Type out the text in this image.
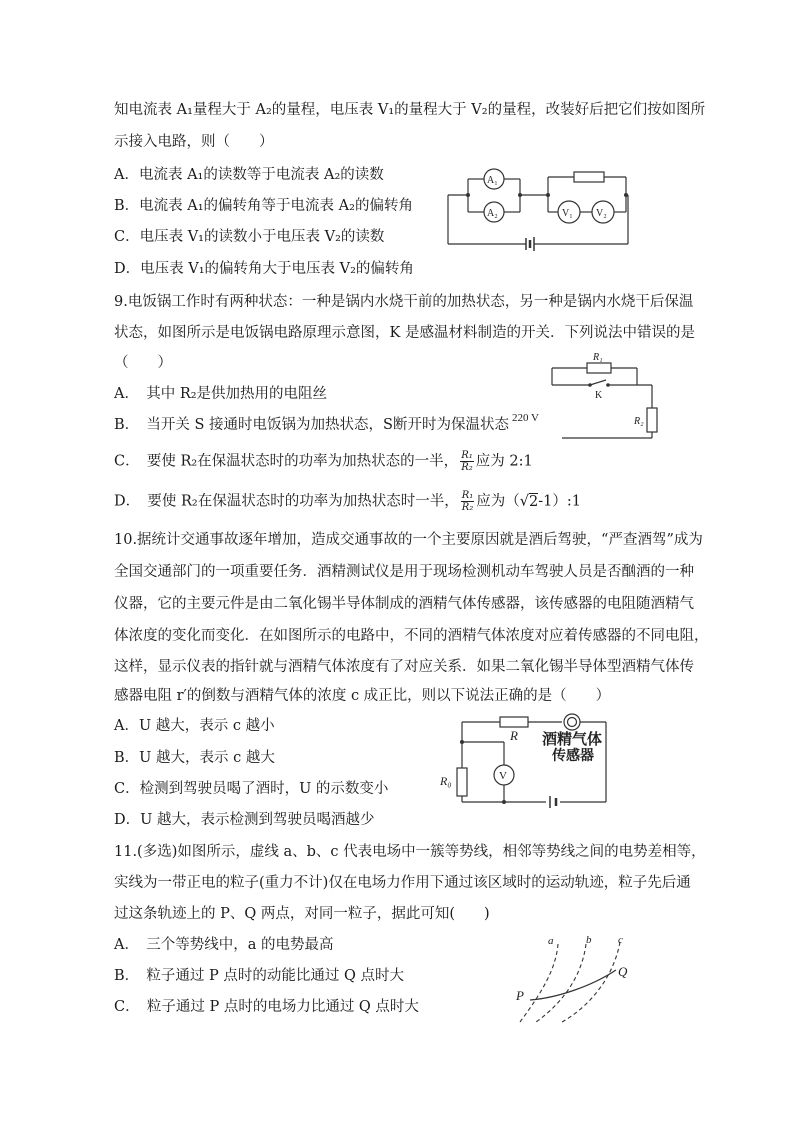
知电流表 A₁量程大于 A₂的量程，电压表 V₁的量程大于 V₂的量程，改装好后把它们按如图所
示接入电路，则（　　）
A．电流表 A₁的读数等于电流表 A₂的读数
B．电流表 A₁的偏转角等于电流表 A₂的偏转角
C．电压表 V₁的读数小于电压表 V₂的读数
D．电压表 V₁的偏转角大于电压表 V₂的偏转角
A₁
A₂	V₁ V₂
9.电饭锅工作时有两种状态：一种是锅内水烧干前的加热状态，另一种是锅内水烧干后保温
状态，如图所示是电饭锅电路原理示意图，K 是感温材料制造的开关．下列说法中错误的是
（　　）
A．　其中 R₂是供加热用的电阻丝
B．　当开关 S 接通时电饭锅为加热状态，S断开时为保温状态
C．　要使 R₂在保温状态时的功率为加热状态的一半， $\frac{\text{R₁}}{\text{R₂}}$ 应为 2:1
D．　要使 R₂在保温状态时的功率为加热状态时一半， $\frac{\text{R₁}}{\text{R₂}}$ 应为（√2-1）:1
R₁
K
220 V	R₂
10.据统计交通事故逐年增加，造成交通事故的一个主要原因就是酒后驾驶，“严查酒驾”成为
全国交通部门的一项重要任务．酒精测试仪是用于现场检测机动车驾驶人员是否酗酒的一种
仪器，它的主要元件是由二氧化锡半导体制成的酒精气体传感器，该传感器的电阻随酒精气
体浓度的变化而变化．在如图所示的电路中，不同的酒精气体浓度对应着传感器的不同电阻，
这样，显示仪表的指针就与酒精气体浓度有了对应关系．如果二氧化锡半导体型酒精气体传
感器电阻 r′的倒数与酒精气体的浓度 c 成正比，则以下说法正确的是（　　）
A．U 越大，表示 c 越小
B．U 越大，表示 c 越大
C．检测到驾驶员喝了酒时，U 的示数变小
D．U 越大，表示检测到驾驶员喝酒越少
R 酒精气体
传感器
R₀	V
11.(多选)如图所示，虚线 a、b、c 代表电场中一簇等势线，相邻等势线之间的电势差相等，
实线为一带正电的粒子(重力不计)仅在电场力作用下通过该区域时的运动轨迹，粒子先后通
过这条轨迹上的 P、Q 两点，对同一粒子，据此可知(　　)
A．　三个等势线中，a 的电势最高
B．　粒子通过 P 点时的动能比通过 Q 点时大
C．　粒子通过 P 点时的电场力比通过 Q 点时大
a	b c
P
Q
